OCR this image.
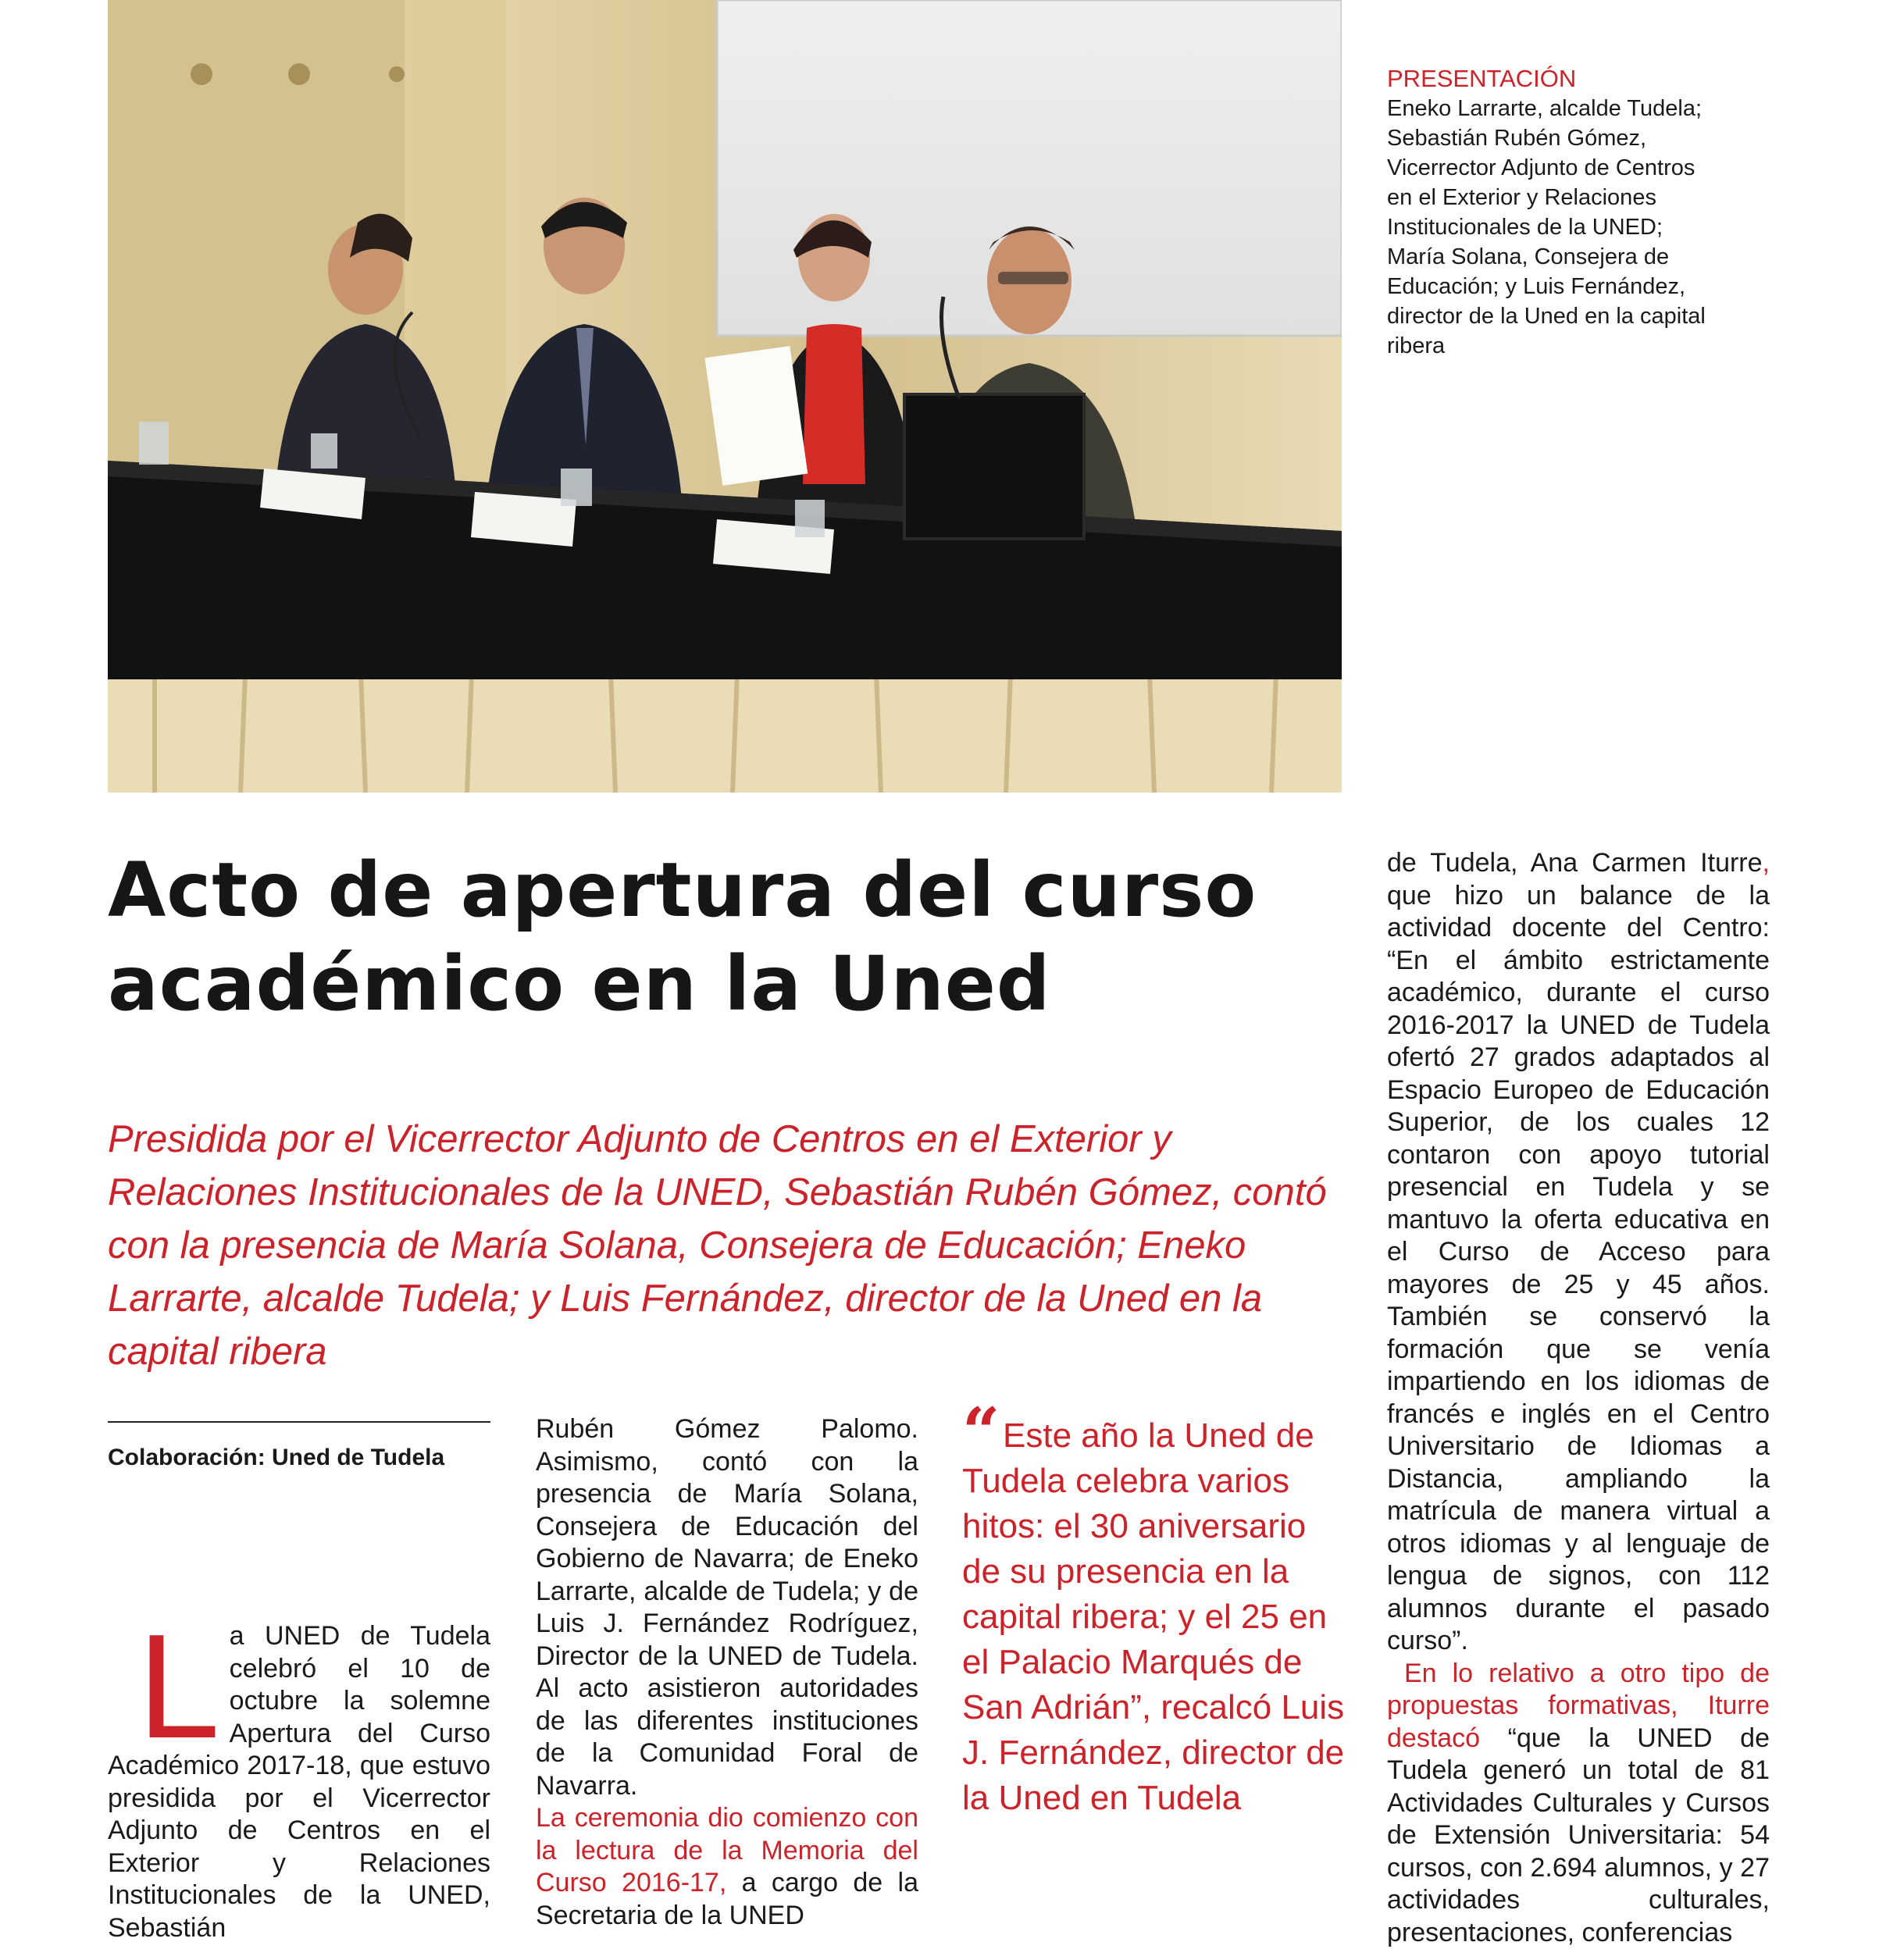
PRESENTACIÓN
Eneko Larrarte, alcalde Tudela; Sebastián Rubén Gómez, Vicerrector Adjunto de Centros en el Exterior y Relaciones Institucionales de la UNED; María Solana, Consejera de Educación; y Luis Fernández, director de la Uned en la capital ribera
Acto de apertura del curso
académico en la Uned

Presidida por el Vicerrector Adjunto de Centros en el Exterior y Relaciones Institucionales de la UNED, Sebastián Rubén Gómez, contó con la presencia de María Solana, Consejera de Educación; Eneko Larrarte, alcalde Tudela; y Luis Fernández, director de la Uned en la capital ribera

Colaboración: Uned de Tudela

L a UNED de Tudela celebró el 10 de octubre la solemne Apertura del Curso Académico 2017-18, que estuvo presidida por el Vicerrector Adjunto de Centros en el Exterior y Relaciones Institucionales de la UNED, Sebastián

Rubén Gómez Palomo. Asimismo, contó con la presencia de María Solana, Consejera de Educación del Gobierno de Navarra; de Eneko Larrarte, alcalde de Tudela; y de Luis J. Fernández Rodríguez, Director de la UNED de Tudela. Al acto asistieron autoridades de las diferentes instituciones de la Comunidad Foral de Navarra.

La ceremonia dio comienzo con la lectura de la Memoria del Curso 2016-17, a cargo de la Secretaria de la UNED

“ Este año la Uned de Tudela celebra varios hitos: el 30 aniversario de su presencia en la capital ribera; y el 25 en el Palacio Marqués de San Adrián”, recalcó Luis J. Fernández, director de la Uned en Tudela

de Tudela, Ana Carmen Iturre, que hizo un balance de la actividad docente del Centro: “En el ámbito estrictamente académico, durante el curso 2016-2017 la UNED de Tudela ofertó 27 grados adaptados al Espacio Europeo de Educación Superior, de los cuales 12 contaron con apoyo tutorial presencial en Tudela y se mantuvo la oferta educativa en el Curso de Acceso para mayores de 25 y 45 años. También se conservó la formación que se venía impartiendo en los idiomas de francés e inglés en el Centro Universitario de Idiomas a Distancia, ampliando la matrícula de manera virtual a otros idiomas y al lenguaje de lengua de signos, con 112 alumnos durante el pasado curso”.

En lo relativo a otro tipo de propuestas formativas, Iturre destacó “que la UNED de Tudela generó un total de 81 Actividades Culturales y Cursos de Extensión Universitaria: 54 cursos, con 2.694 alumnos, y 27 actividades culturales, presentaciones, conferencias
